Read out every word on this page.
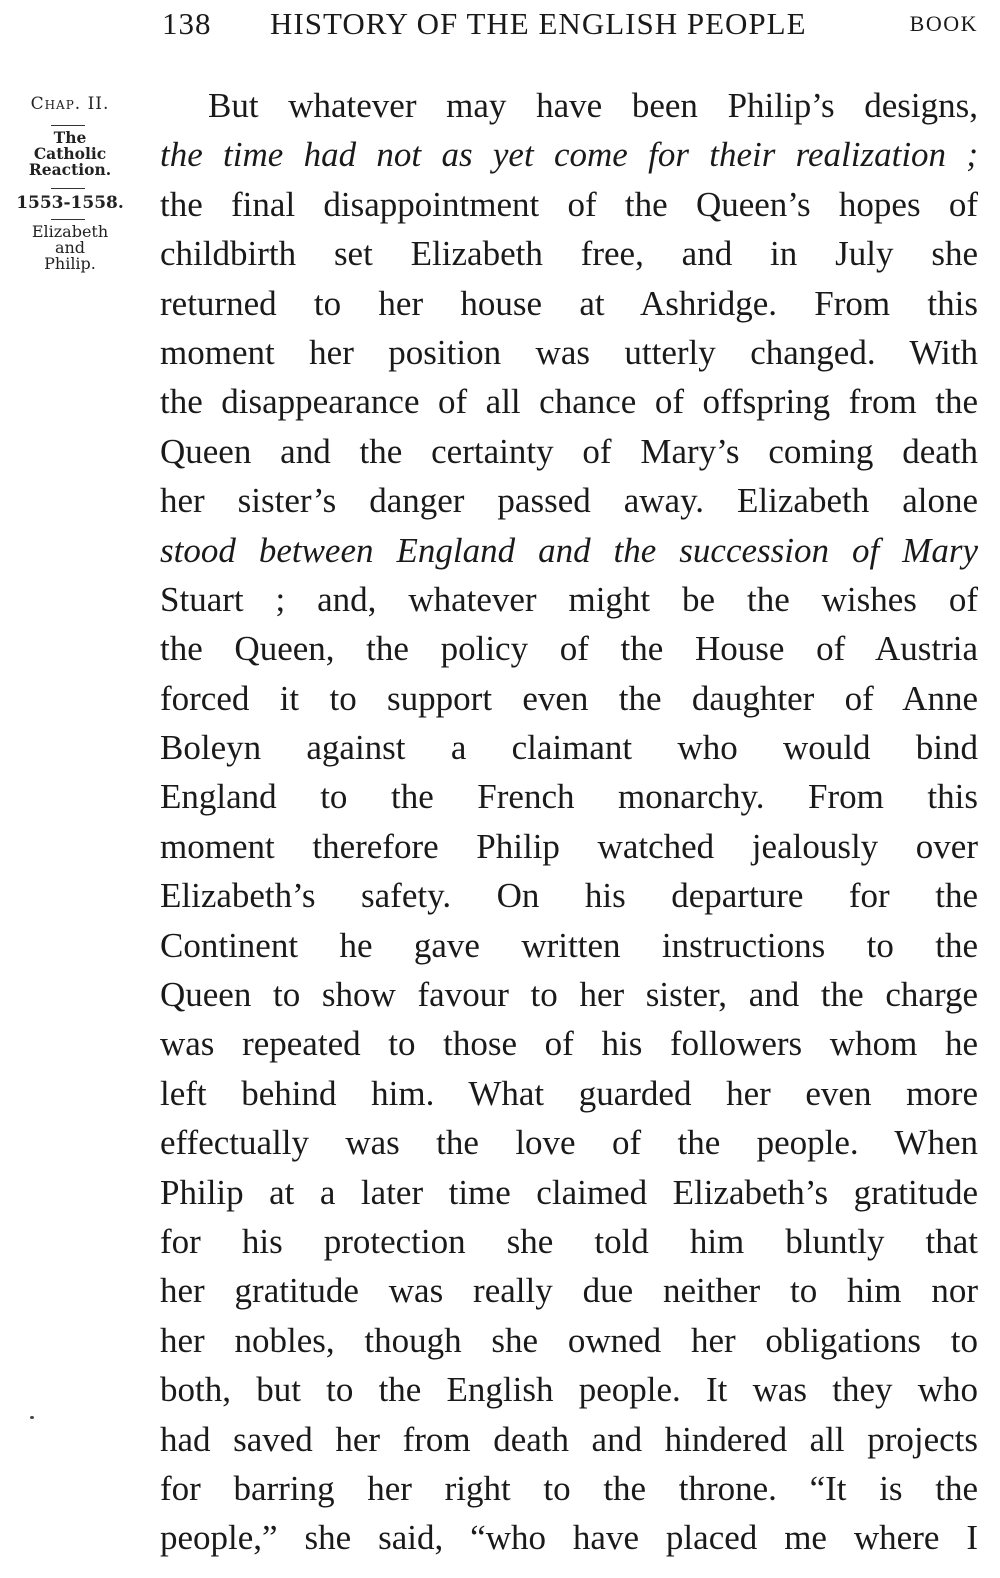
138 HISTORY OF THE ENGLISH PEOPLE	BOOK
Chap. II.
The
Catholic
Reaction.
1553-1558.
Elizabeth
and
Philip.
But whatever may have been Philip’s designs,
the time had not as yet come for their realization ;
the final disappointment of the Queen’s hopes of
childbirth set Elizabeth free, and in July she
returned to her house at Ashridge. From this
moment her position was utterly changed. With
the disappearance of all chance of offspring from the
Queen and the certainty of Mary’s coming death
her sister’s danger passed away. Elizabeth alone
stood between England and the succession of Mary
Stuart ; and, whatever might be the wishes of
the Queen, the policy of the House of Austria
forced it to support even the daughter of Anne
Boleyn against a claimant who would bind
England to the French monarchy. From this
moment therefore Philip watched jealously over
Elizabeth’s safety. On his departure for the
Continent he gave written instructions to the
Queen to show favour to her sister, and the charge
was repeated to those of his followers whom he
left behind him. What guarded her even more
effectually was the love of the people. When
Philip at a later time claimed Elizabeth’s gratitude
for his protection she told him bluntly that
her gratitude was really due neither to him nor
her nobles, though she owned her obligations to
both, but to the English people. It was they who
had saved her from death and hindered all projects
for barring her right to the throne. “It is the
people,” she said, “who have placed me where I
